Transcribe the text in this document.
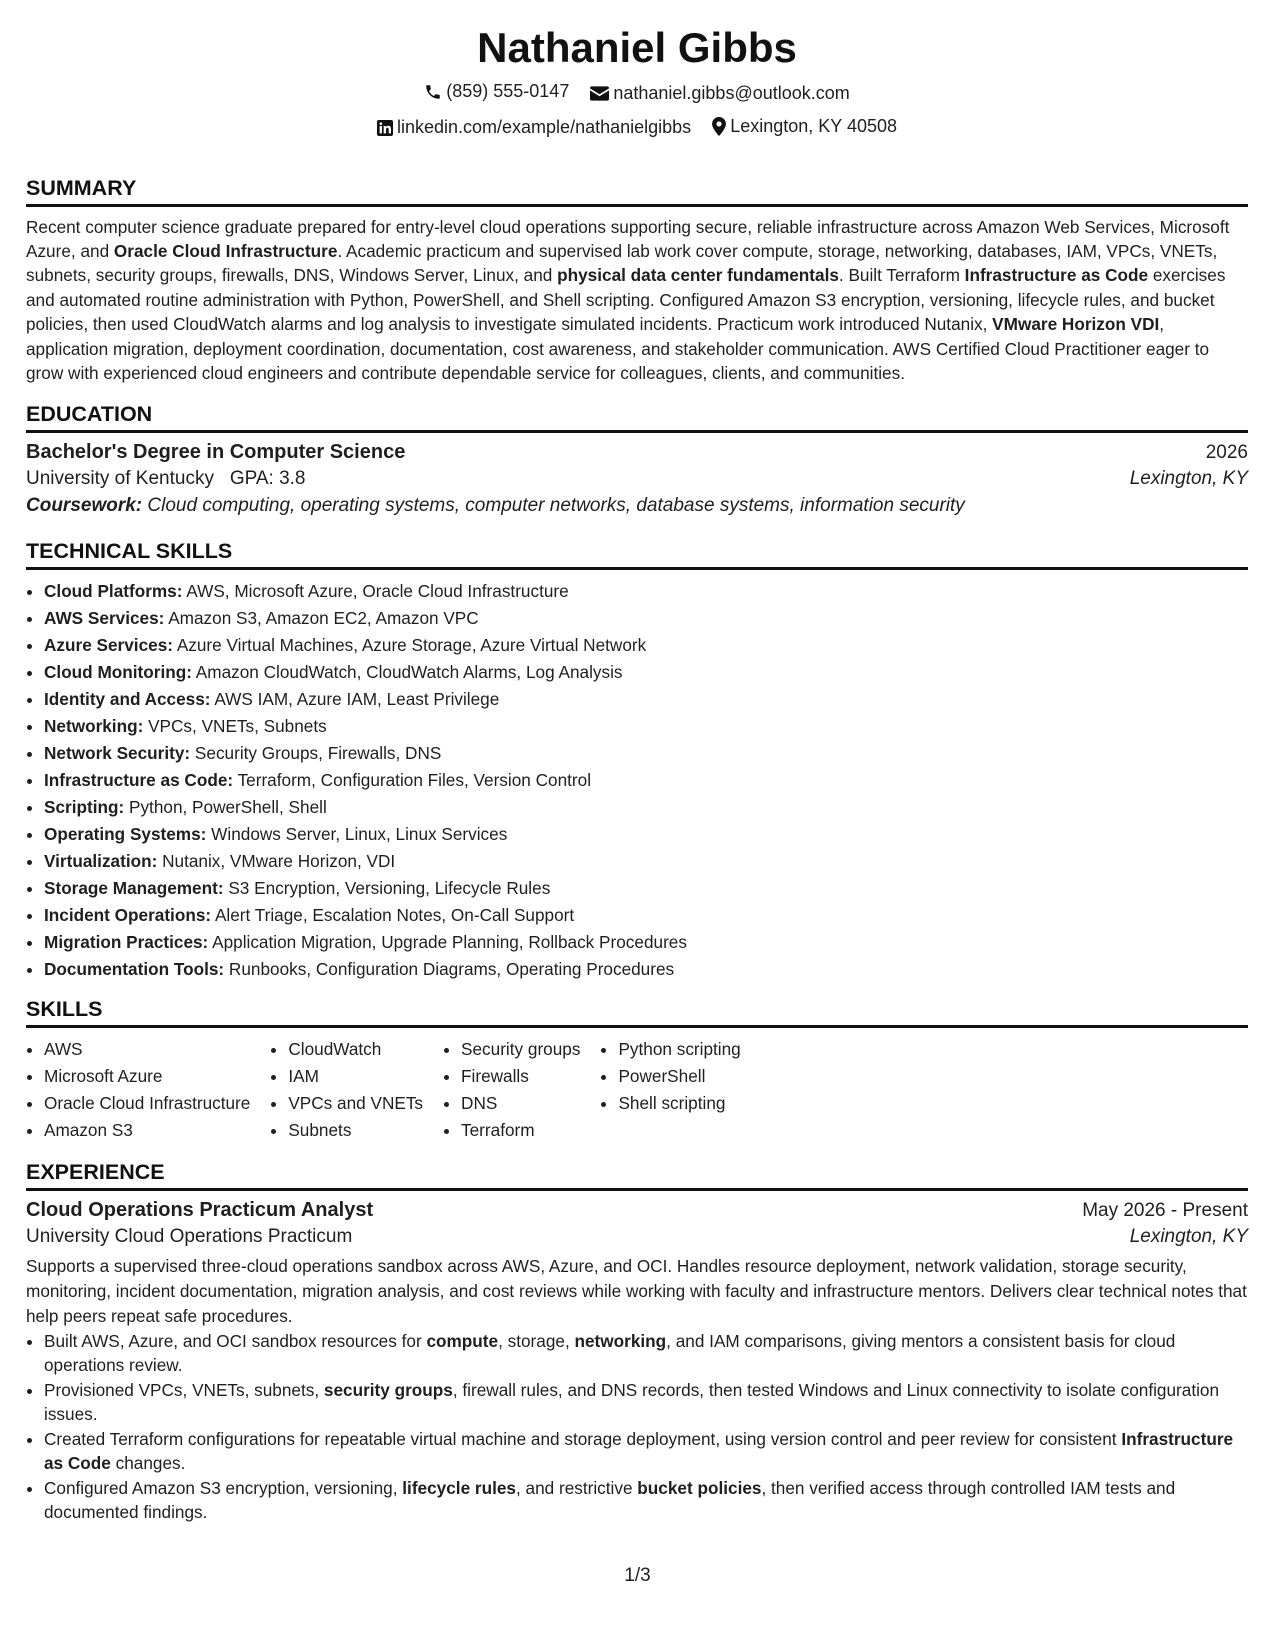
Nathaniel Gibbs
(859) 555-0147
nathaniel.gibbs@outlook.com
linkedin.com/example/nathanielgibbs
Lexington, KY 40508
SUMMARY

Recent computer science graduate prepared for entry-level cloud operations supporting secure, reliable infrastructure across Amazon Web Services, Microsoft Azure, and Oracle Cloud Infrastructure. Academic practicum and supervised lab work cover compute, storage, networking, databases, IAM, VPCs, VNETs, subnets, security groups, firewalls, DNS, Windows Server, Linux, and physical data center fundamentals. Built Terraform Infrastructure as Code exercises and automated routine administration with Python, PowerShell, and Shell scripting. Configured Amazon S3 encryption, versioning, lifecycle rules, and bucket policies, then used CloudWatch alarms and log analysis to investigate simulated incidents. Practicum work introduced Nutanix, VMware Horizon VDI, application migration, deployment coordination, documentation, cost awareness, and stakeholder communication. AWS Certified Cloud Practitioner eager to grow with experienced cloud engineers and contribute dependable service for colleagues, clients, and communities.

EDUCATION
Bachelor's Degree in Computer Science	2026
University of Kentucky GPA: 3.8	Lexington, KY
Coursework: Cloud computing, operating systems, computer networks, database systems, information security
TECHNICAL SKILLS
• Cloud Platforms: AWS, Microsoft Azure, Oracle Cloud Infrastructure
• AWS Services: Amazon S3, Amazon EC2, Amazon VPC
• Azure Services: Azure Virtual Machines, Azure Storage, Azure Virtual Network
• Cloud Monitoring: Amazon CloudWatch, CloudWatch Alarms, Log Analysis
• Identity and Access: AWS IAM, Azure IAM, Least Privilege
• Networking: VPCs, VNETs, Subnets
• Network Security: Security Groups, Firewalls, DNS
• Infrastructure as Code: Terraform, Configuration Files, Version Control
• Scripting: Python, PowerShell, Shell
• Operating Systems: Windows Server, Linux, Linux Services
• Virtualization: Nutanix, VMware Horizon, VDI
• Storage Management: S3 Encryption, Versioning, Lifecycle Rules
• Incident Operations: Alert Triage, Escalation Notes, On-Call Support
• Migration Practices: Application Migration, Upgrade Planning, Rollback Procedures
• Documentation Tools: Runbooks, Configuration Diagrams, Operating Procedures
SKILLS
• AWS
• Microsoft Azure
• Oracle Cloud Infrastructure
• Amazon S3
• CloudWatch
• IAM
• VPCs and VNETs
• Subnets
• Security groups
• Firewalls
• DNS
• Terraform
• Python scripting
• PowerShell
• Shell scripting
EXPERIENCE
Cloud Operations Practicum Analyst	May 2026 - Present
University Cloud Operations Practicum	Lexington, KY

Supports a supervised three-cloud operations sandbox across AWS, Azure, and OCI. Handles resource deployment, network validation, storage security, monitoring, incident documentation, migration analysis, and cost reviews while working with faculty and infrastructure mentors. Delivers clear technical notes that help peers repeat safe procedures.

• Built AWS, Azure, and OCI sandbox resources for compute, storage, networking, and IAM comparisons, giving mentors a consistent basis for cloud operations review.
• Provisioned VPCs, VNETs, subnets, security groups, firewall rules, and DNS records, then tested Windows and Linux connectivity to isolate configuration issues.
• Created Terraform configurations for repeatable virtual machine and storage deployment, using version control and peer review for consistent Infrastructure as Code changes.
• Configured Amazon S3 encryption, versioning, lifecycle rules, and restrictive bucket policies, then verified access through controlled IAM tests and documented findings.
1/3
